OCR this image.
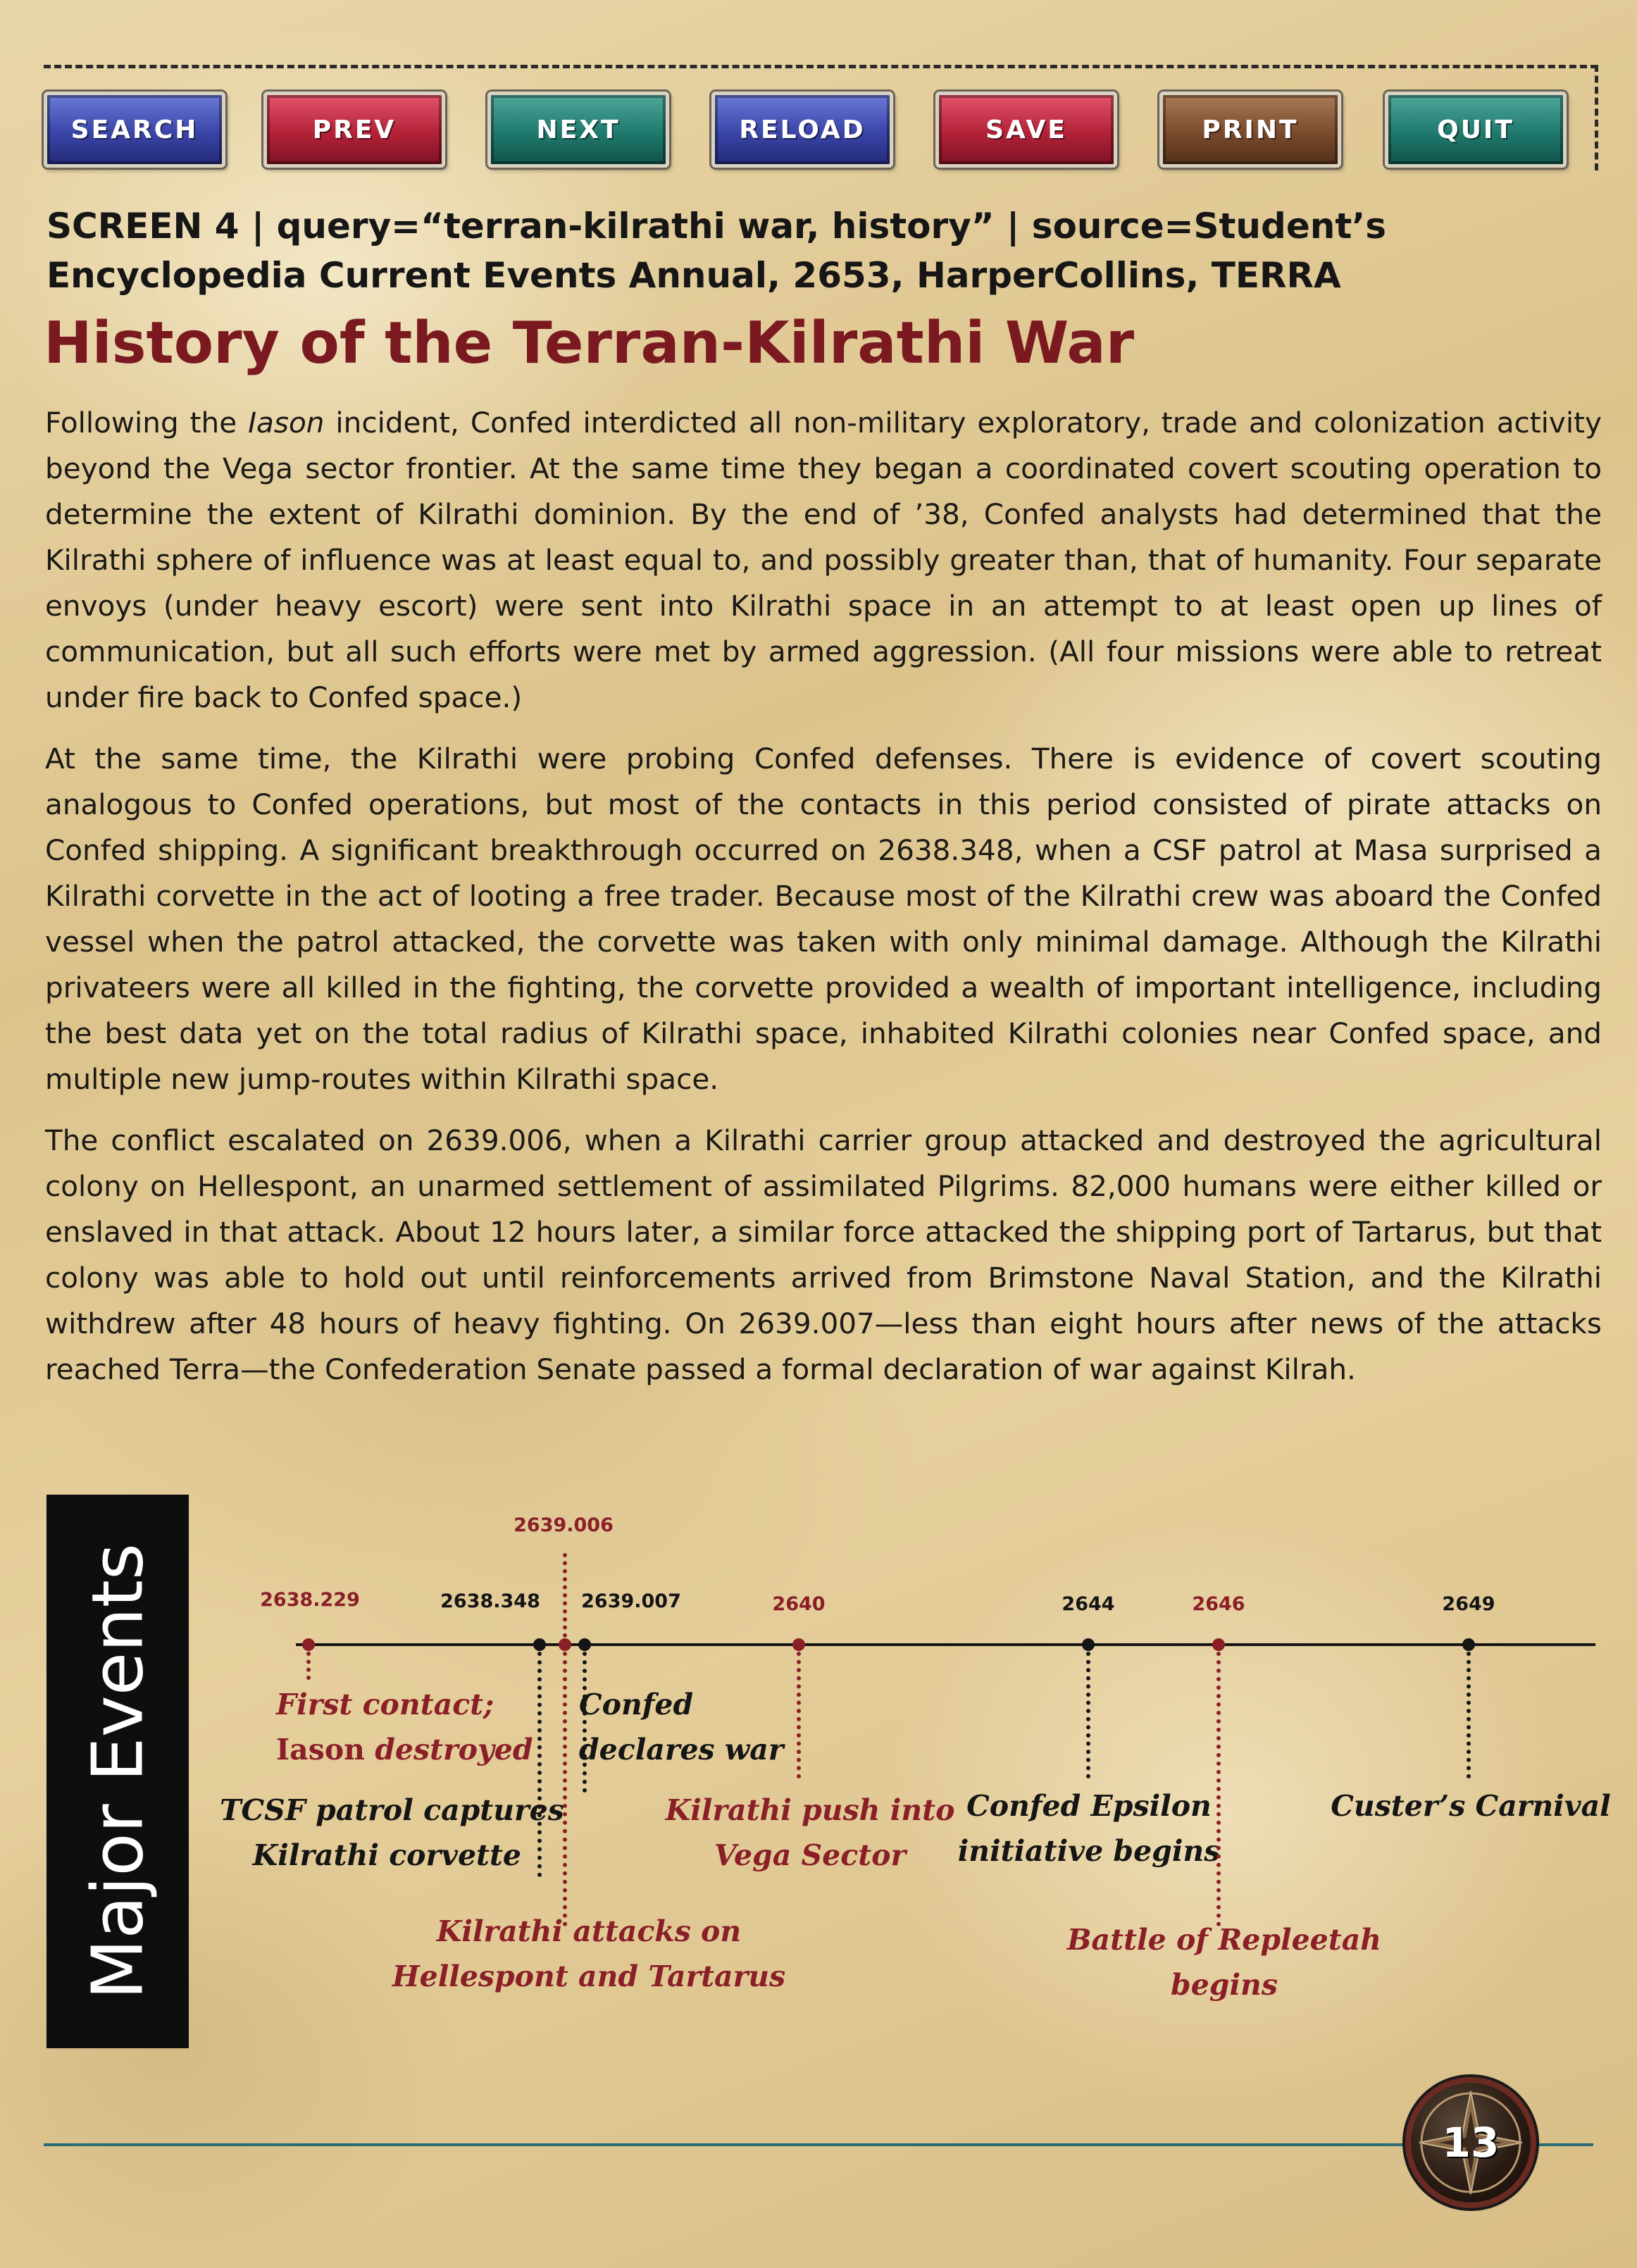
SEARCH	PREV	NEXT	RELOAD	SAVE	PRINT	QUIT
SCREEN 4 | query=“terran-kilrathi war, history” | source=Student’s
Encyclopedia Current Events Annual, 2653, HarperCollins, TERRA
History of the Terran-Kilrathi War

Following the Iason incident, Confed interdicted all non-military exploratory, trade and colonization activity beyond the Vega sector frontier. At the same time they began a coordinated covert scouting operation to determine the extent of Kilrathi dominion. By the end of ’38, Confed analysts had determined that the Kilrathi sphere of influence was at least equal to, and possibly greater than, that of humanity. Four separate envoys (under heavy escort) were sent into Kilrathi space in an attempt to at least open up lines of communication, but all such efforts were met by armed aggression. (All four missions were able to retreat under fire back to Confed space.)

At the same time, the Kilrathi were probing Confed defenses. There is evidence of covert scouting analogous to Confed operations, but most of the contacts in this period consisted of pirate attacks on Confed shipping. A significant breakthrough occurred on 2638.348, when a CSF patrol at Masa surprised a Kilrathi corvette in the act of looting a free trader. Because most of the Kilrathi crew was aboard the Confed vessel when the patrol attacked, the corvette was taken with only minimal damage. Although the Kilrathi privateers were all killed in the fighting, the corvette provided a wealth of important intelligence, including the best data yet on the total radius of Kilrathi space, inhabited Kilrathi colonies near Confed space, and multiple new jump-routes within Kilrathi space.

The conflict escalated on 2639.006, when a Kilrathi carrier group attacked and destroyed the agricultural colony on Hellespont, an unarmed settlement of assimilated Pilgrims. 82,000 humans were either killed or enslaved in that attack. About 12 hours later, a similar force attacked the shipping port of Tartarus, but that colony was able to hold out until reinforcements arrived from Brimstone Naval Station, and the Kilrathi withdrew after 48 hours of heavy fighting. On 2639.007—less than eight hours after news of the attacks reached Terra—the Confederation Senate passed a formal declaration of war against Kilrah.

Major Events	2638.229
First contact;
Iason destroyed
2638.348
TCSF patrol captures
Kilrathi corvette
2639.006
Kilrathi attacks on
Hellespont and Tartarus
2639.007
Confed
declares war
2640
Kilrathi push into
Vega Sector
2644
Confed Epsilon
initiative begins
2646
Battle of Repleetah
begins
2649
Custer’s Carnival
13
